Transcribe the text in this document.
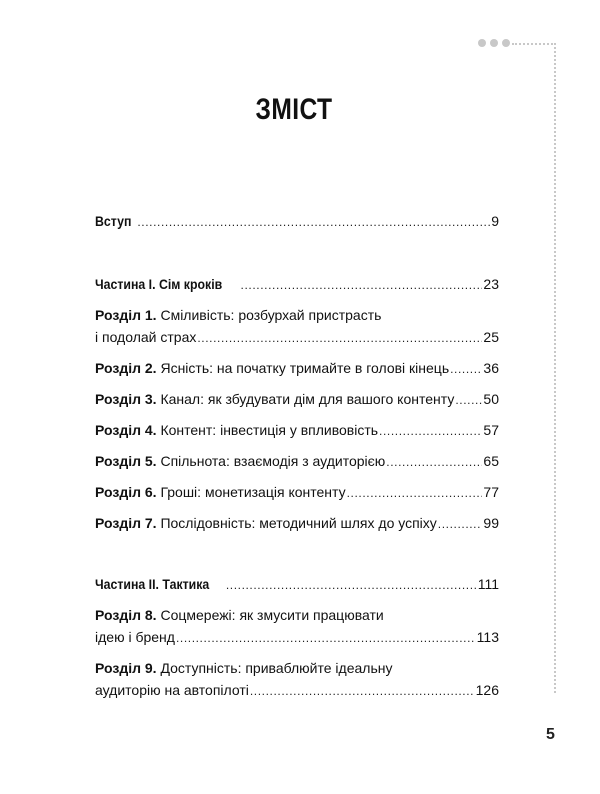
ЗМІСТ
Вступ .....	9
Частина І. Сім кроків .....	23
Розділ 1. Сміливість: розбурхай пристрасть
і подолай страх .....	25
Розділ 2. Ясність: на початку тримайте в голові кінець ..... 36
Розділ 3. Канал: як збудувати дім для вашого контенту ..... 50
Розділ 4. Контент: інвестиція у впливовість .....	57
Розділ 5. Спільнота: взаємодія з аудиторією .....	65
Розділ 6. Гроші: монетизація контенту .....	77
Розділ 7. Послідовність: методичний шлях до успіху .....	99
Частина ІІ. Тактика .....	111
Розділ 8. Соцмережі: як змусити працювати
ідею і бренд .....	113
Розділ 9. Доступність: приваблюйте ідеальну
аудиторію на автопілоті .....	126
5
